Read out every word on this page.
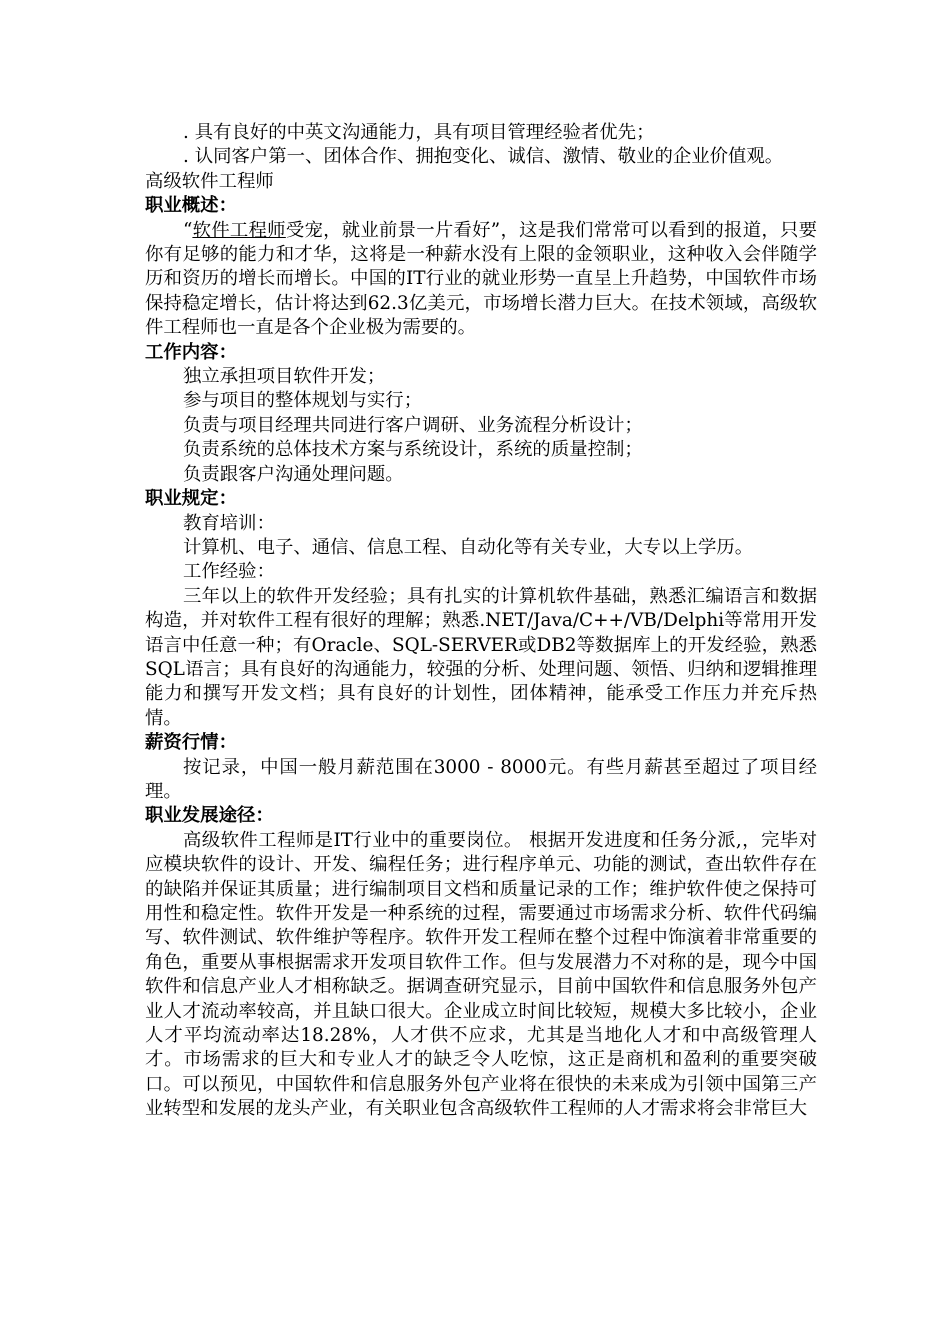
. 具有良好的中英文沟通能力，具有项目管理经验者优先；

. 认同客户第一、团体合作、拥抱变化、诚信、激情、敬业的企业价值观。

高级软件工程师

职业概述：

“软件工程师受宠，就业前景一片看好”，这是我们常常可以看到的报道，只要你有足够的能力和才华，这将是一种薪水没有上限的金领职业，这种收入会伴随学历和资历的增长而增长。中国的IT行业的就业形势一直呈上升趋势，中国软件市场保持稳定增长，估计将达到62.3亿美元，市场增长潜力巨大。在技术领域，高级软件工程师也一直是各个企业极为需要的。

工作内容：

独立承担项目软件开发；

参与项目的整体规划与实行；

负责与项目经理共同进行客户调研、业务流程分析设计；

负责系统的总体技术方案与系统设计，系统的质量控制；

负责跟客户沟通处理问题。

职业规定：

教育培训：

计算机、电子、通信、信息工程、自动化等有关专业，大专以上学历。

工作经验：

三年以上的软件开发经验；具有扎实的计算机软件基础，熟悉汇编语言和数据构造，并对软件工程有很好的理解；熟悉.NET/Java/C++/VB/Delphi等常用开发语言中任意一种；有Oracle、SQL-SERVER或DB2等数据库上的开发经验，熟悉SQL语言；具有良好的沟通能力，较强的分析、处理问题、领悟、归纳和逻辑推理能力和撰写开发文档；具有良好的计划性，团体精神，能承受工作压力并充斥热情。

薪资行情：

按记录，中国一般月薪范围在3000 - 8000元。有些月薪甚至超过了项目经理。

职业发展途径：

高级软件工程师是IT行业中的重要岗位。 根据开发进度和任务分派,，完毕对应模块软件的设计、开发、编程任务；进行程序单元、功能的测试，查出软件存在的缺陷并保证其质量；进行编制项目文档和质量记录的工作；维护软件使之保持可用性和稳定性。软件开发是一种系统的过程，需要通过市场需求分析、软件代码编写、软件测试、软件维护等程序。软件开发工程师在整个过程中饰演着非常重要的角色，重要从事根据需求开发项目软件工作。但与发展潜力不对称的是，现今中国软件和信息产业人才相称缺乏。据调查研究显示，目前中国软件和信息服务外包产业人才流动率较高，并且缺口很大。企业成立时间比较短，规模大多比较小，企业人才平均流动率达18.28%，人才供不应求，尤其是当地化人才和中高级管理人才。市场需求的巨大和专业人才的缺乏令人吃惊，这正是商机和盈利的重要突破口。可以预见，中国软件和信息服务外包产业将在很快的未来成为引领中国第三产业转型和发展的龙头产业，有关职业包含高级软件工程师的人才需求将会非常巨大
